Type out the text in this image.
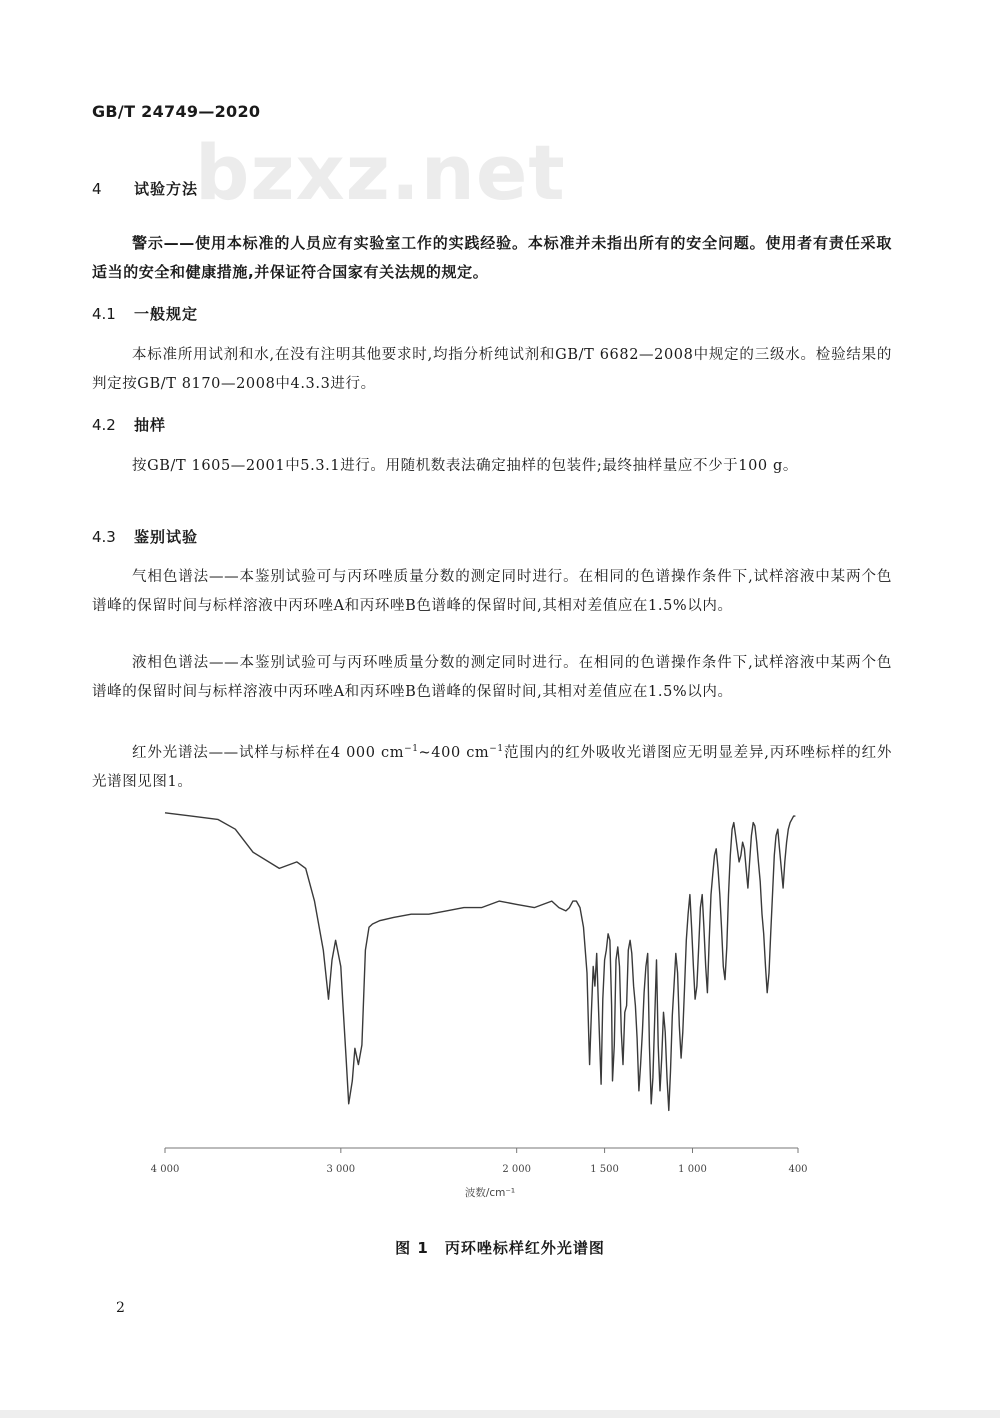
GB/T 24749—2020
bzxz.net
4 试验方法
警示——使用本标准的人员应有实验室工作的实践经验。本标准并未指出所有的安全问题。使用者有责任采取适当的安全和健康措施,并保证符合国家有关法规的规定。
4.1 一般规定
本标准所用试剂和水,在没有注明其他要求时,均指分析纯试剂和GB/T 6682—2008中规定的三级水。检验结果的判定按GB/T 8170—2008中4.3.3进行。
4.2 抽样
按GB/T 1605—2001中5.3.1进行。用随机数表法确定抽样的包装件;最终抽样量应不少于100 g。
4.3 鉴别试验
气相色谱法——本鉴别试验可与丙环唑质量分数的测定同时进行。在相同的色谱操作条件下,试样溶液中某两个色谱峰的保留时间与标样溶液中丙环唑A和丙环唑B色谱峰的保留时间,其相对差值应在1.5%以内。
液相色谱法——本鉴别试验可与丙环唑质量分数的测定同时进行。在相同的色谱操作条件下,试样溶液中某两个色谱峰的保留时间与标样溶液中丙环唑A和丙环唑B色谱峰的保留时间,其相对差值应在1.5%以内。
红外光谱法——试样与标样在4 000 $cm^{-1}\sim 400$ $cm^{-1}$范围内的红外吸收光谱图应无明显差异,丙环唑标样的红外光谱图见图1。
4 000	3 000	2 000	1 500	1 000	400
波数/cm⁻¹
图 1　丙环唑标样红外光谱图
2
